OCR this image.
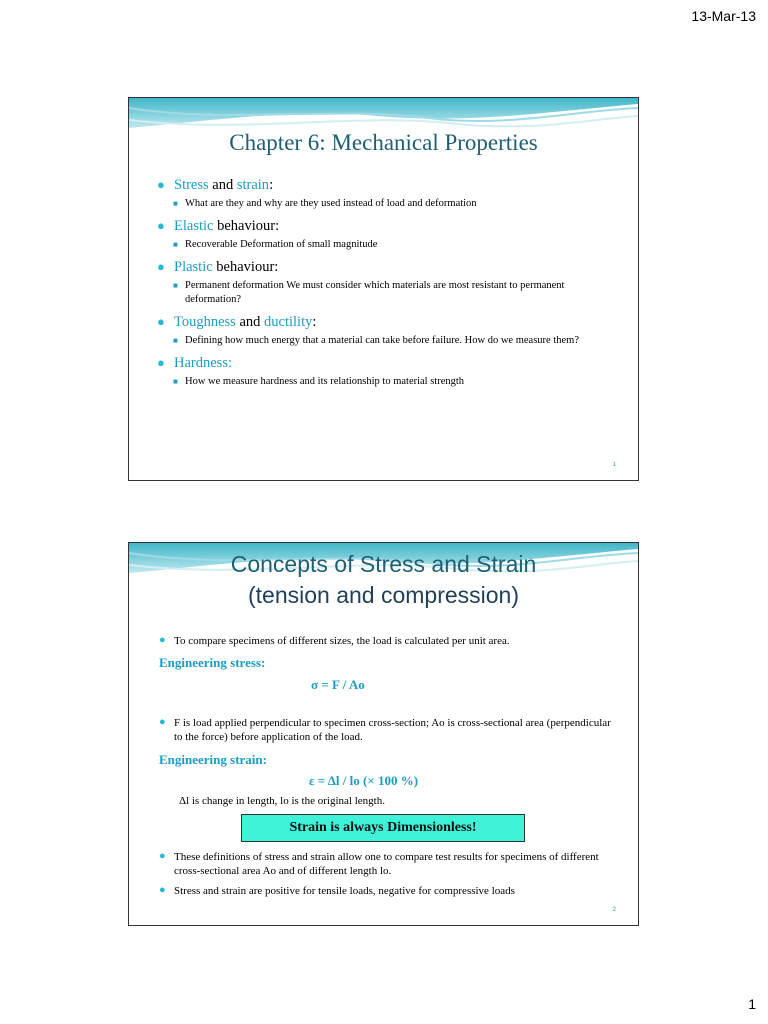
13-Mar-13
Chapter 6: Mechanical Properties
● Stress and strain:
■ What are they and why are they used instead of load and deformation
● Elastic behaviour:
■ Recoverable Deformation of small magnitude
● Plastic behaviour:
■ Permanent deformation We must consider which materials are most resistant to permanent deformation?
● Toughness and ductility:
■ Defining how much energy that a material can take before failure. How do we measure them?
● Hardness:
■ How we measure hardness and its relationship to material strength
1
Concepts of Stress and Strain
(tension and compression)
● To compare specimens of different sizes, the load is calculated per unit area.
Engineering stress:
σ = F / Ao
● F is load applied perpendicular to specimen cross-section; Ao is cross-sectional area (perpendicular to the force) before application of the load.
Engineering strain:
ε = Δl / lo (× 100 %)
Δl is change in length, lo is the original length.
Strain is always Dimensionless!
● These definitions of stress and strain allow one to compare test results for specimens of different cross-sectional area Ao and of different length lo.
● Stress and strain are positive for tensile loads, negative for compressive loads
2
1
